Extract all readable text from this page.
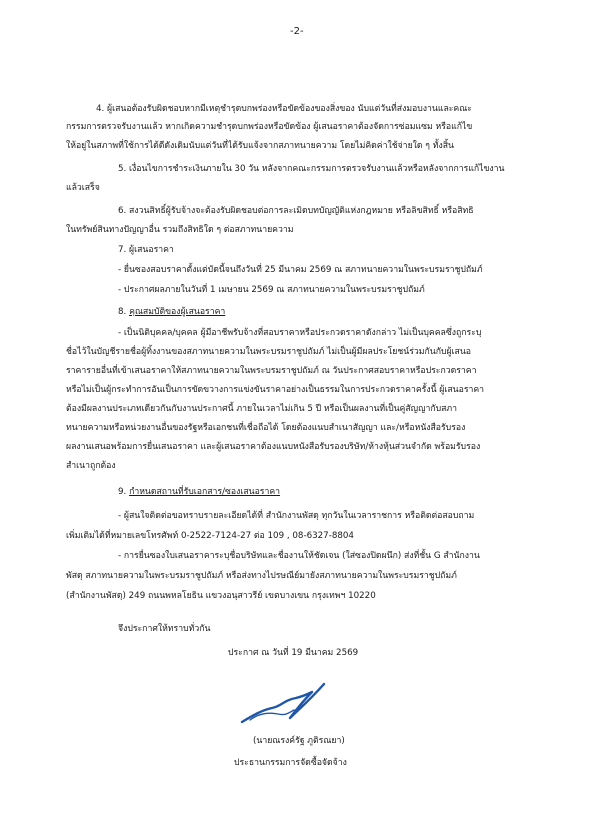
-2-
4. ผู้เสนอต้องรับผิดชอบหากมีเหตุชำรุดบกพร่องหรือขัดข้องของสิ่งของ นับแต่วันที่ส่งมอบงานและคณะ
กรรมการตรวจรับงานแล้ว หากเกิดความชำรุดบกพร่องหรือขัดข้อง ผู้เสนอราคาต้องจัดการซ่อมแซม หรือแก้ไข
ให้อยู่ในสภาพที่ใช้การได้ดีดังเดิมนับแต่วันที่ได้รับแจ้งจากสภาทนายความ โดยไม่คิดค่าใช้จ่ายใด ๆ ทั้งสิ้น
5. เงื่อนไขการชำระเงินภายใน 30 วัน หลังจากคณะกรรมการตรวจรับงานแล้วหรือหลังจากการแก้ไขงาน
แล้วเสร็จ
6. สงวนสิทธิ์ผู้รับจ้างจะต้องรับผิดชอบต่อการละเมิดบทบัญญัติแห่งกฎหมาย หรือลิขสิทธิ์ หรือสิทธิ
ในทรัพย์สินทางปัญญาอื่น รวมถึงสิทธิใด ๆ ต่อสภาทนายความ
7. ผู้เสนอราคา
- ยื่นซองสอบราคาตั้งแต่บัดนี้จนถึงวันที่ 25 มีนาคม 2569 ณ สภาทนายความในพระบรมราชูปถัมภ์
- ประกาศผลภายในวันที่ 1 เมษายน 2569 ณ สภาทนายความในพระบรมราชูปถัมภ์
8. คุณสมบัติของผู้เสนอราคา
- เป็นนิติบุคคล/บุคคล ผู้มีอาชีพรับจ้างที่สอบราคาหรือประกวดราคาดังกล่าว ไม่เป็นบุคคลซึ่งถูกระบุ
ชื่อไว้ในบัญชีรายชื่อผู้ทิ้งงานของสภาทนายความในพระบรมราชูปถัมภ์ ไม่เป็นผู้มีผลประโยชน์ร่วมกันกับผู้เสนอ
ราคารายอื่นที่เข้าเสนอราคาให้สภาทนายความในพระบรมราชูปถัมภ์ ณ วันประกาศสอบราคาหรือประกวดราคา
หรือไม่เป็นผู้กระทำการอันเป็นการขัดขวางการแข่งขันราคาอย่างเป็นธรรมในการประกวดราคาครั้งนี้ ผู้เสนอราคา
ต้องมีผลงานประเภทเดียวกันกับงานประกาศนี้ ภายในเวลาไม่เกิน 5 ปี หรือเป็นผลงานที่เป็นคู่สัญญากับสภา
ทนายความหรือหน่วยงานอื่นของรัฐหรือเอกชนที่เชื่อถือได้ โดยต้องแนบสำเนาสัญญา และ/หรือหนังสือรับรอง
ผลงานเสนอพร้อมการยื่นเสนอราคา และผู้เสนอราคาต้องแนบหนังสือรับรองบริษัท/ห้างหุ้นส่วนจำกัด พร้อมรับรอง
สำเนาถูกต้อง
9. กำหนดสถานที่รับเอกสาร/ซองเสนอราคา
- ผู้สนใจติดต่อขอทราบรายละเอียดได้ที่ สำนักงานพัสดุ ทุกวันในเวลาราชการ หรือติดต่อสอบถาม
เพิ่มเติมได้ที่หมายเลขโทรศัพท์ 0-2522-7124-27 ต่อ 109 , 08-6327-8804
- การยื่นซองใบเสนอราคาระบุชื่อบริษัทและชื่องานให้ชัดเจน (ใส่ซองปิดผนึก) ส่งที่ชั้น G สำนักงาน
พัสดุ สภาทนายความในพระบรมราชูปถัมภ์ หรือส่งทางไปรษณีย์มายังสภาทนายความในพระบรมราชูปถัมภ์
(สำนักงานพัสดุ) 249 ถนนพหลโยธิน แขวงอนุสาวรีย์ เขตบางเขน กรุงเทพฯ 10220
จึงประกาศให้ทราบทั่วกัน
ประกาศ ณ วันที่ 19 มีนาคม 2569
(นายณรงค์รัฐ ภูติรณยา)
ประธานกรรมการจัดซื้อจัดจ้าง
